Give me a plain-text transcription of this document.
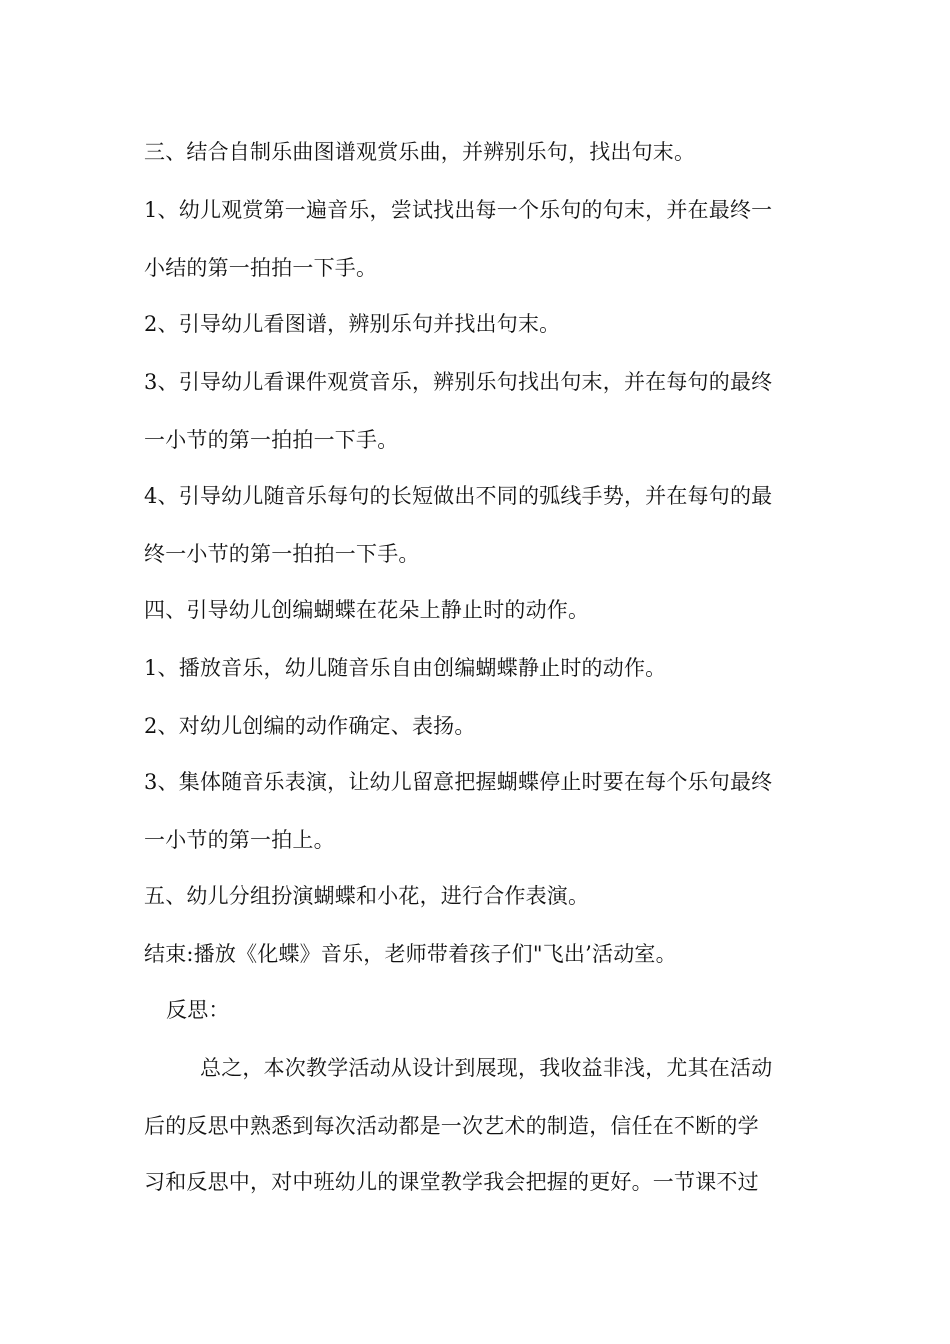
三、结合自制乐曲图谱观赏乐曲，并辨别乐句，找出句末。
1、幼儿观赏第一遍音乐，尝试找出每一个乐句的句末，并在最终一
小结的第一拍拍一下手。
2、引导幼儿看图谱，辨别乐句并找出句末。
3、引导幼儿看课件观赏音乐，辨别乐句找出句末，并在每句的最终
一小节的第一拍拍一下手。
4、引导幼儿随音乐每句的长短做出不同的弧线手势，并在每句的最
终一小节的第一拍拍一下手。
四、引导幼儿创编蝴蝶在花朵上静止时的动作。
1、播放音乐，幼儿随音乐自由创编蝴蝶静止时的动作。
2、对幼儿创编的动作确定、表扬。
3、集体随音乐表演，让幼儿留意把握蝴蝶停止时要在每个乐句最终
一小节的第一拍上。
五、幼儿分组扮演蝴蝶和小花，进行合作表演。
结束:播放《化蝶》音乐，老师带着孩子们"飞出’活动室。
反思：
总之，本次教学活动从设计到展现，我收益非浅，尤其在活动
后的反思中熟悉到每次活动都是一次艺术的制造，信任在不断的学
习和反思中，对中班幼儿的课堂教学我会把握的更好。一节课不过
